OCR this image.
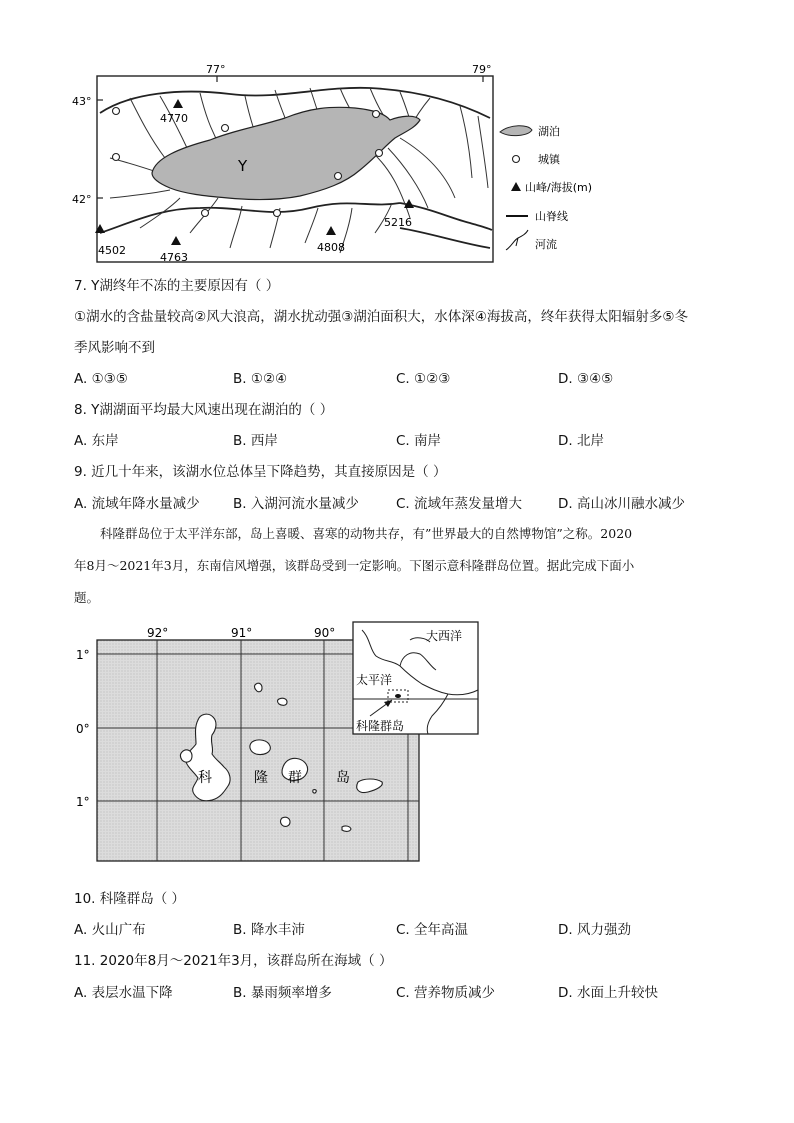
77°	79°
43°
42°
Y
4770
4502
4763
4808
5216
湖泊
城镇
山峰/海拔(m)
山脊线
河流
7. Y湖终年不冻的主要原因有（ ）
①湖水的含盐量较高②风大浪高，湖水扰动强③湖泊面积大，水体深④海拔高，终年获得太阳辐射多⑤冬
季风影响不到
A. ①③⑤	B. ①②④	C. ①②③	D. ③④⑤
8. Y湖湖面平均最大风速出现在湖泊的（ ）
A. 东岸	B. 西岸	C. 南岸	D. 北岸
9. 近几十年来，该湖水位总体呈下降趋势，其直接原因是（ ）
A. 流域年降水量减少 B. 入湖河流水量减少	C. 流域年蒸发量增大	D. 高山冰川融水减少
科隆群岛位于太平洋东部，岛上喜暖、喜寒的动物共存，有”世界最大的自然博物馆”之称。2020
年8月～2021年3月，东南信风增强，该群岛受到一定影响。下图示意科隆群岛位置。据此完成下面小
题。
92°	91°	90°
1°
0°
1°
科	隆 群 岛
大西洋
太平洋
科隆群岛
10. 科隆群岛（ ）
A. 火山广布	B. 降水丰沛	C. 全年高温	D. 风力强劲
11. 2020年8月～2021年3月，该群岛所在海域（ ）
A. 表层水温下降	B. 暴雨频率增多	C. 营养物质减少	D. 水面上升较快
